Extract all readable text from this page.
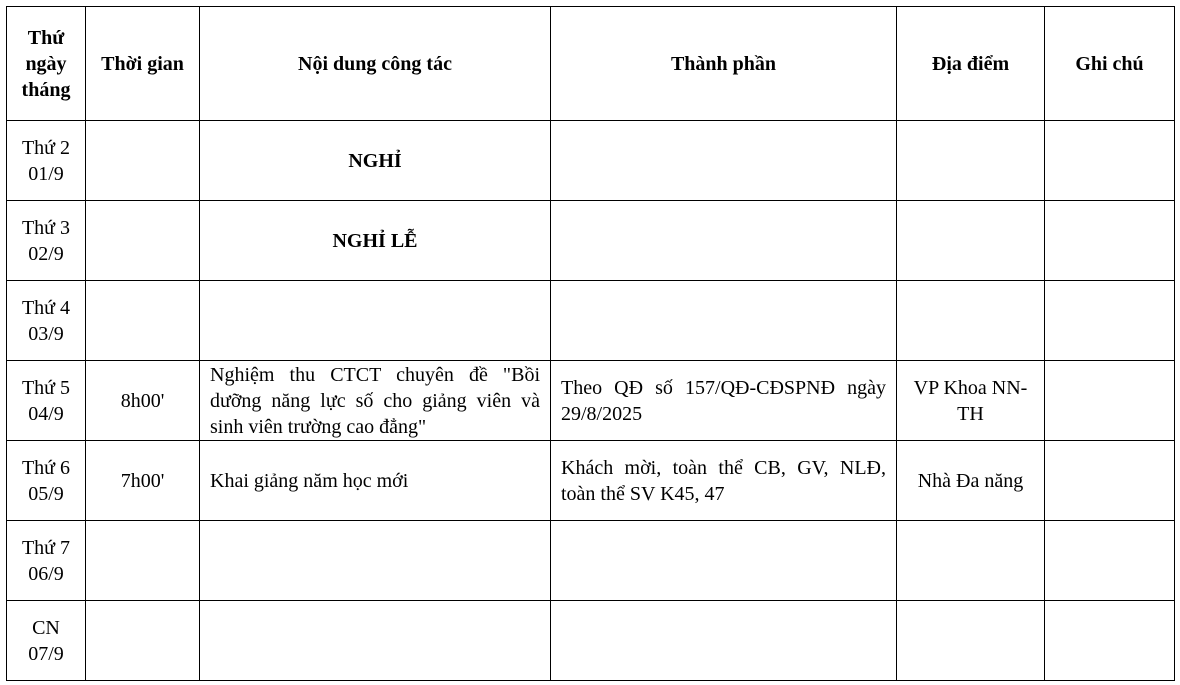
Thứ
ngày
tháng	Thời gian	Nội dung công tác	Thành phần	Địa điểm	Ghi chú

Thứ 2
01/9		NGHỈ			

Thứ 3
02/9		NGHỈ LỄ			

Thứ 4
03/9					

Thứ 5
04/9	8h00'	Nghiệm thu CTCT chuyên đề "Bồi dưỡng năng lực số cho giảng viên và sinh viên trường cao đẳng"	Theo QĐ số 157/QĐ-CĐSPNĐ ngày 29/8/2025	VP Khoa NN-TH	

Thứ 6
05/9	7h00'	Khai giảng năm học mới	Khách mời, toàn thể CB, GV, NLĐ, toàn thể SV K45, 47	Nhà Đa năng	

Thứ 7
06/9					

CN
07/9					
